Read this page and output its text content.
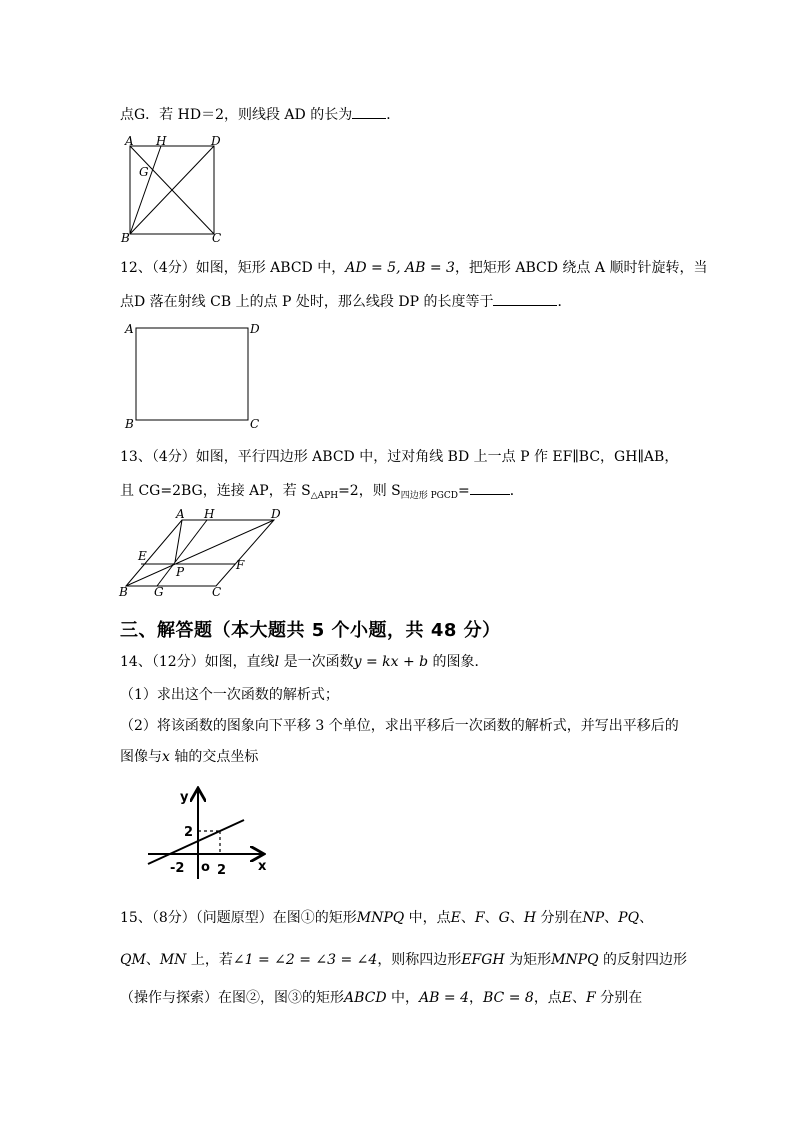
点G．若 HD＝2，则线段 AD 的长为 ．
A H	D
G
B	C
12、（4分）如图，矩形 ABCD 中，AD = 5, AB = 3，把矩形 ABCD 绕点 A 顺时针旋转，当
点D 落在射线 CB 上的点 P 处时，那么线段 DP 的长度等于	．
A	D
B	C
13、（4分）如图，平行四边形 ABCD 中，过对角线 BD 上一点 P 作 EF∥BC，GH∥AB，
且 CG=2BG，连接 AP，若 $S_{\triangle APH}=2$，则 $S_{四边形 PGCD}=$	．
A H	D
E
P	F
B G	C
三、解答题（本大题共 5 个小题，共 48 分）
14、（12分）如图，直线l 是一次函数y = kx + b 的图象．
（1）求出这个一次函数的解析式；
（2）将该函数的图象向下平移 3 个单位，求出平移后一次函数的解析式，并写出平移后的
图像与x 轴的交点坐标
y
x
2
-2 o 2
15、（8分）（问题原型）在图①的矩形MNPQ 中，点E、F、G、H 分别在NP、PQ、
QM、MN 上，若∠1 = ∠2 = ∠3 = ∠4，则称四边形EFGH 为矩形MNPQ 的反射四边形
（操作与探索）在图②，图③的矩形ABCD 中，AB = 4，BC = 8，点E、F 分别在
